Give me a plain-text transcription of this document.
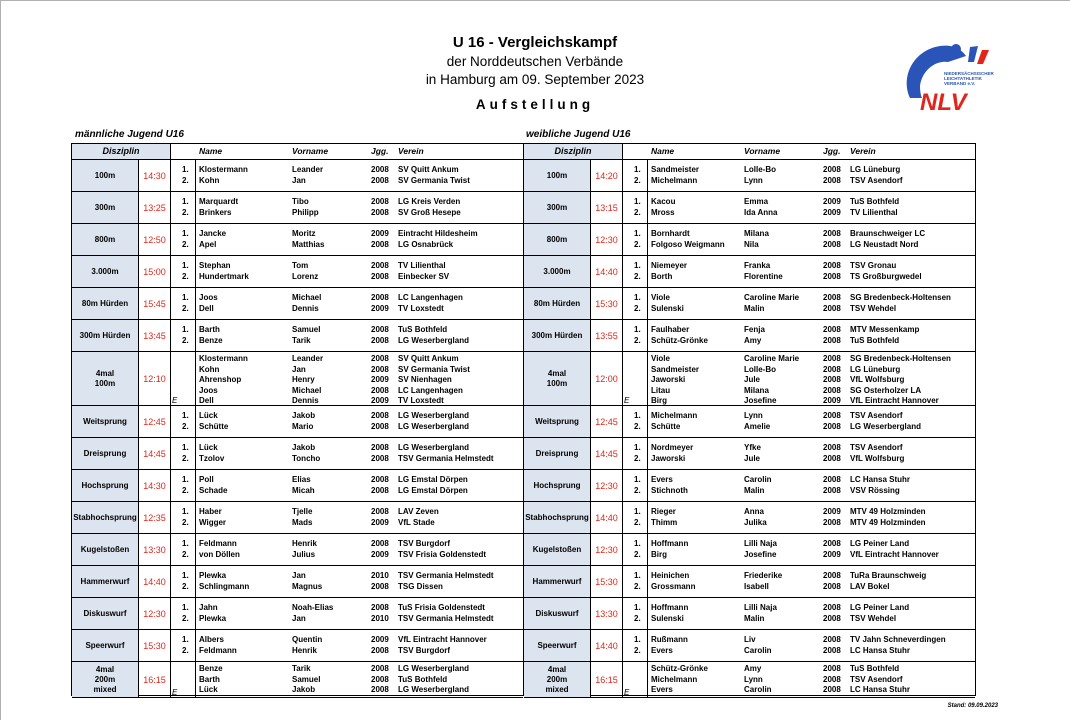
U 16 - Vergleichskampf
der Norddeutschen Verbände
in Hamburg am 09. September 2023
Aufstellung
NIEDERSÄCHSISCHER
LEICHTATHLETIK
VERBAND e.V.
NLV
männliche Jugend U16	weibliche Jugend U16
Disziplin	Name	Vorname	Jgg. Verein
100m	14:30
1.	Klostermann	Leander	2008	SV Quitt Ankum
2.	Kohn	Jan	2008	SV Germania Twist
300m	13:25
1.	Marquardt	Tibo	2008	LG Kreis Verden
2.	Brinkers	Philipp	2008	SV Groß Hesepe
800m	12:50
1.	Jancke	Moritz	2009	Eintracht Hildesheim
2.	Apel	Matthias	2008	LG Osnabrück
3.000m	15:00
1.	Stephan	Tom	2008	TV Lilienthal
2.	Hundertmark	Lorenz	2008	Einbecker SV
80m Hürden	15:45
1.	Joos	Michael	2008	LC Langenhagen
2.	Dell	Dennis	2009	TV Loxstedt
300m Hürden	13:45
1.	Barth	Samuel	2008	TuS Bothfeld
2.	Benze	Tarik	2008	LG Weserbergland
4mal
100m	12:10
E
Klostermann	Leander	2008	SV Quitt Ankum
Kohn	Jan	2008	SV Germania Twist
Ahrenshop	Henry	2009	SV Nienhagen
Joos	Michael	2008	LC Langenhagen
Dell	Dennis	2009	TV Loxstedt
Weitsprung	12:45
1.	Lück	Jakob	2008	LG Weserbergland
2.	Schütte	Mario	2008	LG Weserbergland
Dreisprung	14:45
1.	Lück	Jakob	2008	LG Weserbergland
2.	Tzolov	Toncho	2008	TSV Germania Helmstedt
Hochsprung	14:30
1.	Poll	Elias	2008	LG Emstal Dörpen
2.	Schade	Micah	2008	LG Emstal Dörpen
Stabhochsprung 12:35
1.	Haber	Tjelle	2008	LAV Zeven
2.	Wigger	Mads	2009	VfL Stade
Kugelstoßen	13:30
1.	Feldmann	Henrik	2008	TSV Burgdorf
2.	von Döllen	Julius	2009	TSV Frisia Goldenstedt
Hammerwurf	14:40
1.	Plewka	Jan	2010	TSV Germania Helmstedt
2.	Schlingmann	Magnus	2008	TSG Dissen
Diskuswurf	12:30
1.	Jahn	Noah-Elias	2008	TuS Frisia Goldenstedt
2.	Plewka	Jan	2010	TSV Germania Helmstedt
Speerwurf	15:30
1.	Albers	Quentin	2009	VfL Eintracht Hannover
2.	Feldmann	Henrik	2008	TSV Burgdorf
4mal
200m
mixed
16:15
E
Benze	Tarik	2008	LG Weserbergland
Barth	Samuel	2008	TuS Bothfeld
Lück	Jakob	2008	LG Weserbergland
Disziplin	Name	Vorname	Jgg. Verein
100m	14:20
1.	Sandmeister	Lolle-Bo	2008	LG Lüneburg
2.	Michelmann	Lynn	2008	TSV Asendorf
300m	13:15
1.	Kacou	Emma	2009	TuS Bothfeld
2.	Mross	Ida Anna	2009	TV Lilienthal
800m	12:30
1.	Bornhardt	Milana	2008	Braunschweiger LC
2.	Folgoso Weigmann	Nila	2008	LG Neustadt Nord
3.000m	14:40
1.	Niemeyer	Franka	2008	TSV Gronau
2.	Borth	Florentine	2008	TS Großburgwedel
80m Hürden	15:30
1.	Viole	Caroline Marie	2008	SG Bredenbeck-Holtensen
2.	Sulenski	Malin	2008	TSV Wehdel
300m Hürden	13:55
1.	Faulhaber	Fenja	2008	MTV Messenkamp
2.	Schütz-Grönke	Amy	2008	TuS Bothfeld
4mal
100m	12:00
E
Viole	Caroline Marie	2008	SG Bredenbeck-Holtensen
Sandmeister	Lolle-Bo	2008	LG Lüneburg
Jaworski	Jule	2008	VfL Wolfsburg
Litau	Milana	2008	SG Osterholzer LA
Birg	Josefine	2009	VfL Eintracht Hannover
Weitsprung	12:45
1.	Michelmann	Lynn	2008	TSV Asendorf
2.	Schütte	Amelie	2008	LG Weserbergland
Dreisprung	14:45
1.	Nordmeyer	Yfke	2008	TSV Asendorf
2.	Jaworski	Jule	2008	VfL Wolfsburg
Hochsprung	12:30
1.	Evers	Carolin	2008	LC Hansa Stuhr
2.	Stichnoth	Malin	2008	VSV Rössing
Stabhochsprung 14:40
1.	Rieger	Anna	2009	MTV 49 Holzminden
2.	Thimm	Julika	2008	MTV 49 Holzminden
Kugelstoßen	12:30
1.	Hoffmann	Lilli Naja	2008	LG Peiner Land
2.	Birg	Josefine	2009	VfL Eintracht Hannover
Hammerwurf	15:30
1.	Heinichen	Friederike	2008	TuRa Braunschweig
2.	Grossmann	Isabell	2008	LAV Bokel
Diskuswurf	13:30
1.	Hoffmann	Lilli Naja	2008	LG Peiner Land
2.	Sulenski	Malin	2008	TSV Wehdel
Speerwurf	14:40
1.	Rußmann	Liv	2008	TV Jahn Schneverdingen
2.	Evers	Carolin	2008	LC Hansa Stuhr
4mal
200m
mixed
16:15
E
Schütz-Grönke	Amy	2008	TuS Bothfeld
Michelmann	Lynn	2008	TSV Asendorf
Evers	Carolin	2008	LC Hansa Stuhr
Stand: 09.09.2023
